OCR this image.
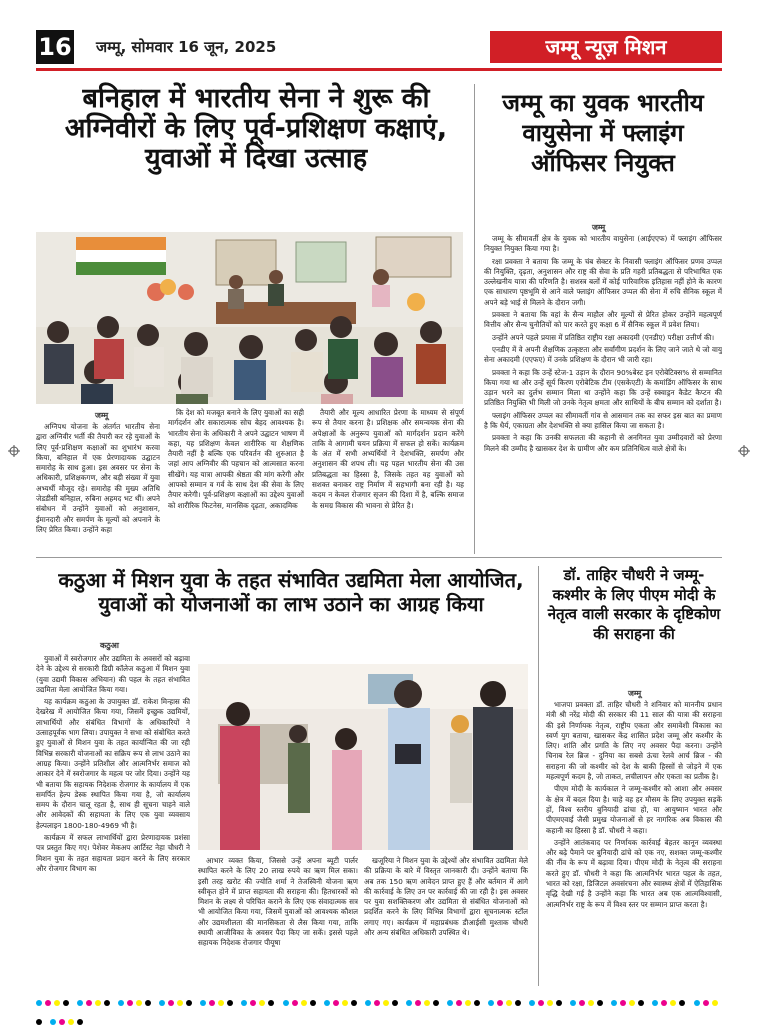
16 जम्मू, सोमवार 16 जून, 2025	जम्मू न्यूज़ मिशन
बनिहाल में भारतीय सेना ने शुरू की अग्निवीरों के लिए पूर्व-प्रशिक्षण कक्षाएं, युवाओं में दिखा उत्साह
जम्मू

अग्निपथ योजना के अंतर्गत भारतीय सेना द्वारा अग्निवीर भर्ती की तैयारी कर रहे युवाओं के लिए पूर्व-प्रशिक्षण कक्षाओं का शुभारंभ करवा किया, बनिहाल में एक प्रेरणादायक उद्घाटन समारोह के साथ हुआ। इस अवसर पर सेना के अधिकारी, प्रशिक्षकगण, और बड़ी संख्या में युवा अभ्यर्थी मौजूद रहे। समारोह की मुख्य अतिथि जेडडीसी बनिहाल, रुबिना अहमद भट थीं। अपने संबोधन में उन्होंने युवाओं को अनुशासन, ईमानदारी और समर्पण के मूल्यों को अपनाने के लिए प्रेरित किया। उन्होंने कहा

कि देश को मजबूत बनाने के लिए युवाओं का सही मार्गदर्शन और सकारात्मक सोच बेहद आवश्यक है। भारतीय सेना के अधिकारी ने अपने उद्घाटन भाषण में कहा, यह प्रशिक्षण केवल शारीरिक या शैक्षणिक तैयारी नहीं है बल्कि एक परिवर्तन की शुरुआत है जहां आप अग्निवीर की पहचान को आत्मसात करना सीखेंगे। यह यात्रा आपकी श्रेष्ठता की मांग करेगी और आपको सम्मान व गर्व के साथ देश की सेवा के लिए तैयार करेगी। पूर्व-प्रशिक्षण कक्षाओं का उद्देश्य युवाओं को शारीरिक फिटनेस, मानसिक दृढ़ता, अकादमिक

तैयारी और मूल्य आधारित प्रेरणा के माध्यम से संपूर्ण रूप से तैयार करना है। प्रशिक्षक और समन्वयक सेना की अपेक्षाओं के अनुरूप युवाओं को मार्गदर्शन प्रदान करेंगे ताकि वे आगामी चयन प्रक्रिया में सफल हो सकें। कार्यक्रम के अंत में सभी अभ्यर्थियों ने देशभक्ति, समर्पण और अनुशासन की शपथ ली। यह पहल भारतीय सेना की उस प्रतिबद्धता का हिस्सा है, जिसके तहत वह युवाओं को सशक्त बनाकर राष्ट्र निर्माण में सहभागी बना रही है। यह कदम न केवल रोजगार सृजन की दिशा में है, बल्कि समाज के समग्र विकास की भावना से प्रेरित है।

जम्मू का युवक भारतीय वायुसेना में फ्लाइंग ऑफिसर नियुक्त
जम्मू

जम्मू के सीमावर्ती क्षेत्र के युवक को भारतीय वायुसेना (आईएएफ) में फ्लाइंग ऑफिसर नियुक्त नियुक्त किया गया है।

रक्षा प्रवक्ता ने बताया कि जम्मू के चंब सेक्टर के निवासी फ्लाइंग ऑफिसर प्रणव उप्पल की नियुक्ति, दृढ़ता, अनुशासन और राष्ट्र की सेवा के प्रति गहरी प्रतिबद्धता से परिभाषित एक उल्लेखनीय यात्रा की परिणति है। सशस्त्र बलों में कोई पारिवारिक इतिहास नहीं होने के कारण एक साधारण पृष्ठभूमि से आने वाले फ्लाइंग ऑफिसर उप्पल की सेना में रुचि सैनिक स्कूल में अपने बड़े भाई से मिलने के दौरान जगी।

प्रवक्ता ने बताया कि वहां के सैन्य माहौल और मूल्यों से प्रेरित होकर उन्होंने महत्वपूर्ण वित्तीय और सैन्य चुनौतियों को पार करते हुए कक्षा 6 में सैनिक स्कूल में प्रवेश लिया।

उन्होंने अपने पहले प्रयास में प्रतिष्ठित राष्ट्रीय रक्षा अकादमी (एनडीए) परीक्षा उत्तीर्ण की।

एनडीए में वे अपनी शैक्षणिक उत्कृष्टता और सर्वांगीण प्रदर्शन के लिए जाने जाते थे जो वायु सेना अकादमी (एएफए) में उनके प्रशिक्षण के दौरान भी जारी रहा।

प्रवक्ता ने कहा कि उन्हें स्टेज-1 उड़ान के दौरान 90%बेस्ट इन एरोबेटिक्स% से सम्मानित किया गया था और उन्हें सूर्य किरण एरोबेटिक टीम (एसकेएटी) के कमांडिंग ऑफिसर के साथ उड़ान भरने का दुर्लभ सम्मान मिला था उन्होंने कहा कि उन्हें स्क्वाड्रन कैडेट कैप्टन की प्रतिष्ठित नियुक्ति भी मिली जो उनके नेतृत्व क्षमता और साथियों के बीच सम्मान को दर्शाता है।

फ्लाइंग ऑफिसर उप्पल का सीमावर्ती गांव से आसमान तक का सफर इस बात का प्रमाण है कि धैर्य, एकाग्रता और देशभक्ति से क्या हासिल किया जा सकता है।

प्रवक्ता ने कहा कि उनकी सफलता की कहानी से अनगिनत युवा उम्मीदवारों को प्रेरणा मिलने की उम्मीद है खासकर देश के ग्रामीण और कम प्रतिनिधित्व वाले क्षेत्रों के।

कठुआ में मिशन युवा के तहत संभावित उद्यमिता मेला आयोजित, युवाओं को योजनाओं का लाभ उठाने का आग्रह किया
कठुआ

युवाओं में स्वरोजगार और उद्यमिता के अवसरों को बढ़ावा देने के उद्देश्य से सरकारी डिग्री कॉलेज कठुआ में मिशन युवा (युवा उद्यमी विकास अभियान) की पहल के तहत संभावित उद्यमिता मेला आयोजित किया गया।

यह कार्यक्रम कठुआ के उपायुक्त डॉ. राकेश मिन्हास की देखरेख में आयोजित किया गया, जिसमें इच्छुक उद्यमियों, लाभार्थियों और संबंधित विभागों के अधिकारियों ने उत्साहपूर्वक भाग लिया। उपायुक्त ने सभा को संबोधित करते हुए युवाओं से मिशन युवा के तहत कार्यान्वित की जा रही विभिन्न सरकारी योजनाओं का सक्रिय रूप से लाभ उठाने का आग्रह किया। उन्होंने प्रतिशील और आत्मनिर्भर समाज को आकार देने में स्वरोजगार के महत्व पर जोर दिया। उन्होंने यह भी बताया कि सहायक निदेशक रोजगार के कार्यालय में एक समर्पित हेल्प डेस्क स्थापित किया गया है, जो कार्यालय समय के दौरान चालू रहता है, साथ ही सूचना चाहने वाले और आवेदकों की सहायता के लिए एक युवा व्यवसाय हेल्पलाइन 1800-180-4969 भी है।

कार्यक्रम में सफल लाभार्थियों द्वारा प्रेरणादायक प्रशंसा पत्र प्रस्तुत किए गए। पेशेवर मेकअप आर्टिस्ट नेहा चौधरी ने मिशन युवा के तहत सहायता प्रदान करने के लिए सरकार और रोजगार विभाग का

आभार व्यक्त किया, जिससे उन्हें अपना ब्यूटी पार्लर स्थापित करने के लिए 20 लाख रुपये का ऋण मिल सका। इसी तरह खरोट की ज्योति शर्मा ने तेजस्विनी योजना ऋण स्वीकृत होने में प्राप्त सहायता की सराहना की। हितधारकों को मिशन के लक्ष्य से परिचित कराने के लिए एक संवादात्मक सत्र भी आयोजित किया गया, जिसमें युवाओं को आवश्यक कौशल और उद्यमशीलता की मानसिकता से लैस किया गया, ताकि स्थायी आजीविका के अवसर पैदा किए जा सकें। इससे पहले सहायक निदेशक रोजगार पीयूषा

खजूरिया ने मिशन युवा के उद्देश्यों और संभावित उद्यमिता मेले की प्रक्रिया के बारे में विस्तृत जानकारी दी। उन्होंने बताया कि अब तक 150 ऋण आवेदन प्राप्त हुए हैं और बर्तमान में आगे की कार्रवाई के लिए उन पर कार्रवाई की जा रही है। इस अवसर पर युवा सशक्तिकरण और उद्यमिता से संबंधित योजनाओं को प्रदर्शित करने के लिए विभिन्न विभागों द्वारा सूचनात्मक स्टॉल लगाए गए। कार्यक्रम में महाप्रबंधक डीआईसी मुश्ताक चौधरी और अन्य संबंधित अधिकारी उपस्थित थे।

डॉ. ताहिर चौधरी ने जम्मू-कश्मीर के लिए पीएम मोदी के नेतृत्व वाली सरकार के दृष्टिकोण की सराहना की
जम्मू

भाजपा प्रवक्ता डॉ. ताहिर चौधरी ने शनिवार को माननीय प्रधान मंत्री श्री नरेंद्र मोदी की सरकार की 11 साल की यात्रा की सराहना की इसे निर्णायक नेतृत्व, राष्ट्रीय एकता और समावेशी विकास का स्वर्ण युग बताया, खासकर केंद्र शासित प्रदेश जम्मू और कश्मीर के लिए। शांति और प्रगति के लिए नए अवसर पैदा करना। उन्होंने चिनाब रेल ब्रिज - दुनिया का सबसे ऊंचा रेलवे आर्च ब्रिज - की सराहना की जो कश्मीर को देश के बाकी हिस्सों से जोड़ने में एक महत्वपूर्ण कदम है, जो ताकत, लचीलापन और एकता का प्रतीक है।

पीएम मोदी के कार्यकाल ने जम्मू-कश्मीर को आशा और अवसर के क्षेत्र में बदल दिया है। चाहे वह हर मौसम के लिए उपयुक्त सड़कें हों, विश्व स्तरीय बुनियादी ढांचा हो, या आयुष्मान भारत और पीएमएवाई जैसी प्रमुख योजनाओं से हर नागरिक अब विकास की कहानी का हिस्सा है डॉ. चौधरी ने कहा।

उन्होंने आतंकवाद पर निर्णायक कार्रवाई बेहतर कानून व्यवस्था और बढ़े पैमाने पर बुनियादी ढांचे को एक नए, सशक्त जम्मू-कश्मीर की नींव के रूप में बढ़ावा दिया। पीएम मोदी के नेतृत्व की सराहना करते हुए डॉ. चौधरी ने कहा कि आत्मनिर्भर भारत पहल के तहत, भारत को रक्षा, डिजिटल अवसंरचना और स्वास्थ्य क्षेत्रों में ऐतिहासिक वृद्धि देखी गई है उन्होंने कहा कि भारत अब एक आत्मविश्वासी, आत्मनिर्भर राष्ट्र के रूप में विश्व स्तर पर सम्मान प्राप्त करता है।
